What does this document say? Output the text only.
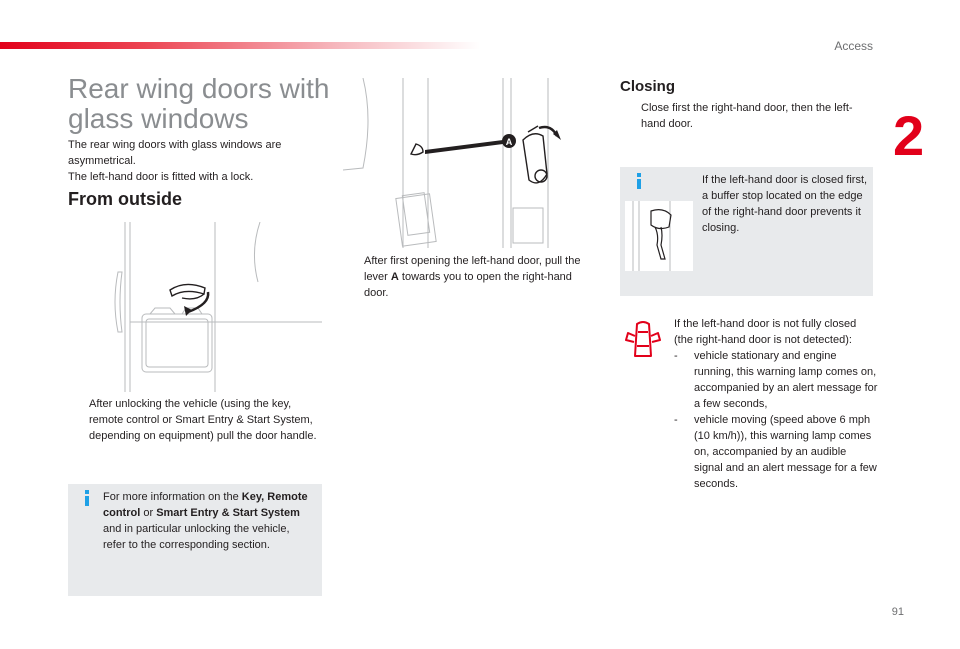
Access
2
91
Rear wing doors with glass windows
The rear wing doors with glass windows are asymmetrical.
The left-hand door is fitted with a lock.
From outside
After unlocking the vehicle (using the key, remote control or Smart Entry & Start System, depending on equipment) pull the door handle.
For more information on the Key, Remote control or Smart Entry & Start System and in particular unlocking the vehicle, refer to the corresponding section.
A
After first opening the left-hand door, pull the lever A towards you to open the right-hand door.
Closing
Close first the right-hand door, then the left-hand door.
If the left-hand door is closed first, a buffer stop located on the edge of the right-hand door prevents it closing.
If the left-hand door is not fully closed (the right-hand door is not detected):
-	vehicle stationary and engine running, this warning lamp comes on, accompanied by an alert message for a few seconds,
-	vehicle moving (speed above 6 mph (10 km/h)), this warning lamp comes on, accompanied by an audible signal and an alert message for a few seconds.
